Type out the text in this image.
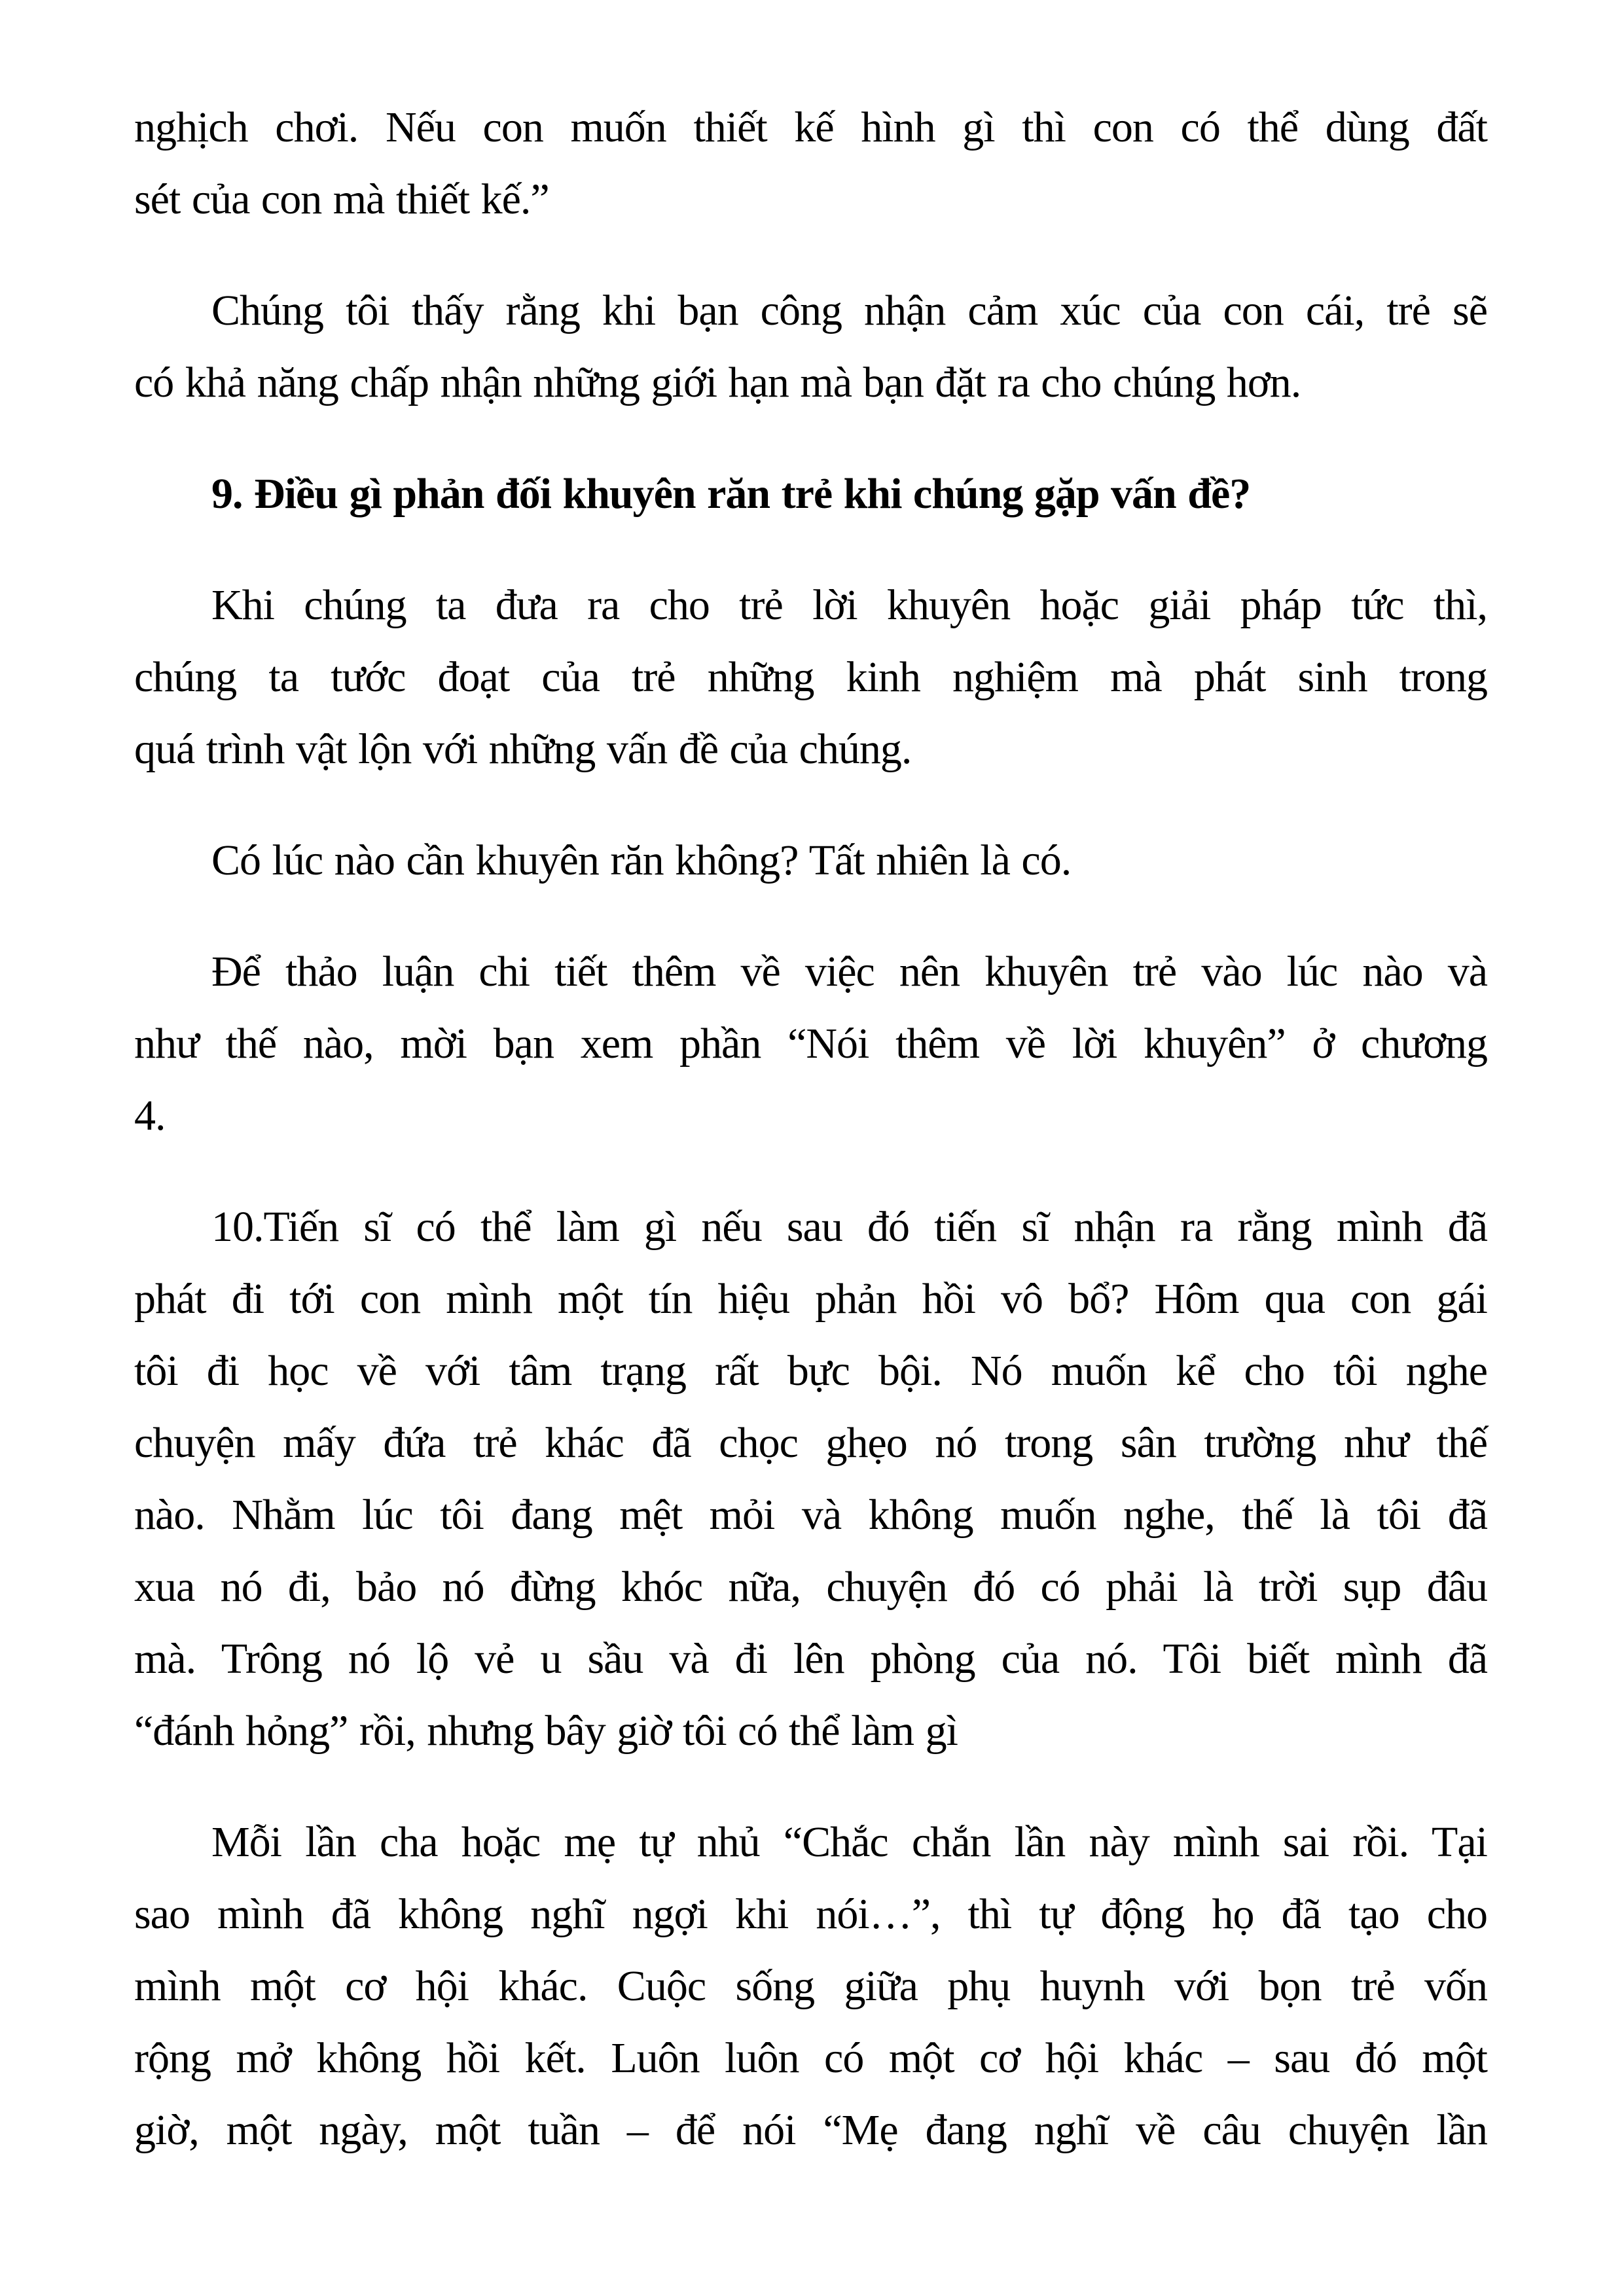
nghịch chơi. Nếu con muốn thiết kế hình gì thì con có thể dùng đất
sét của con mà thiết kế.”
Chúng tôi thấy rằng khi bạn công nhận cảm xúc của con cái, trẻ sẽ
có khả năng chấp nhận những giới hạn mà bạn đặt ra cho chúng hơn.
9. Điều gì phản đối khuyên răn trẻ khi chúng gặp vấn đề?
Khi chúng ta đưa ra cho trẻ lời khuyên hoặc giải pháp tức thì,
chúng ta tước đoạt của trẻ những kinh nghiệm mà phát sinh trong
quá trình vật lộn với những vấn đề của chúng.
Có lúc nào cần khuyên răn không? Tất nhiên là có.
Để thảo luận chi tiết thêm về việc nên khuyên trẻ vào lúc nào và
như thế nào, mời bạn xem phần “Nói thêm về lời khuyên” ở chương
4.
10.Tiến sĩ có thể làm gì nếu sau đó tiến sĩ nhận ra rằng mình đã
phát đi tới con mình một tín hiệu phản hồi vô bổ? Hôm qua con gái
tôi đi học về với tâm trạng rất bực bội. Nó muốn kể cho tôi nghe
chuyện mấy đứa trẻ khác đã chọc ghẹo nó trong sân trường như thế
nào. Nhằm lúc tôi đang mệt mỏi và không muốn nghe, thế là tôi đã
xua nó đi, bảo nó đừng khóc nữa, chuyện đó có phải là trời sụp đâu
mà. Trông nó lộ vẻ u sầu và đi lên phòng của nó. Tôi biết mình đã
“đánh hỏng” rồi, nhưng bây giờ tôi có thể làm gì
Mỗi lần cha hoặc mẹ tự nhủ “Chắc chắn lần này mình sai rồi. Tại
sao mình đã không nghĩ ngợi khi nói…”, thì tự động họ đã tạo cho
mình một cơ hội khác. Cuộc sống giữa phụ huynh với bọn trẻ vốn
rộng mở không hồi kết. Luôn luôn có một cơ hội khác – sau đó một
giờ, một ngày, một tuần – để nói “Mẹ đang nghĩ về câu chuyện lần
